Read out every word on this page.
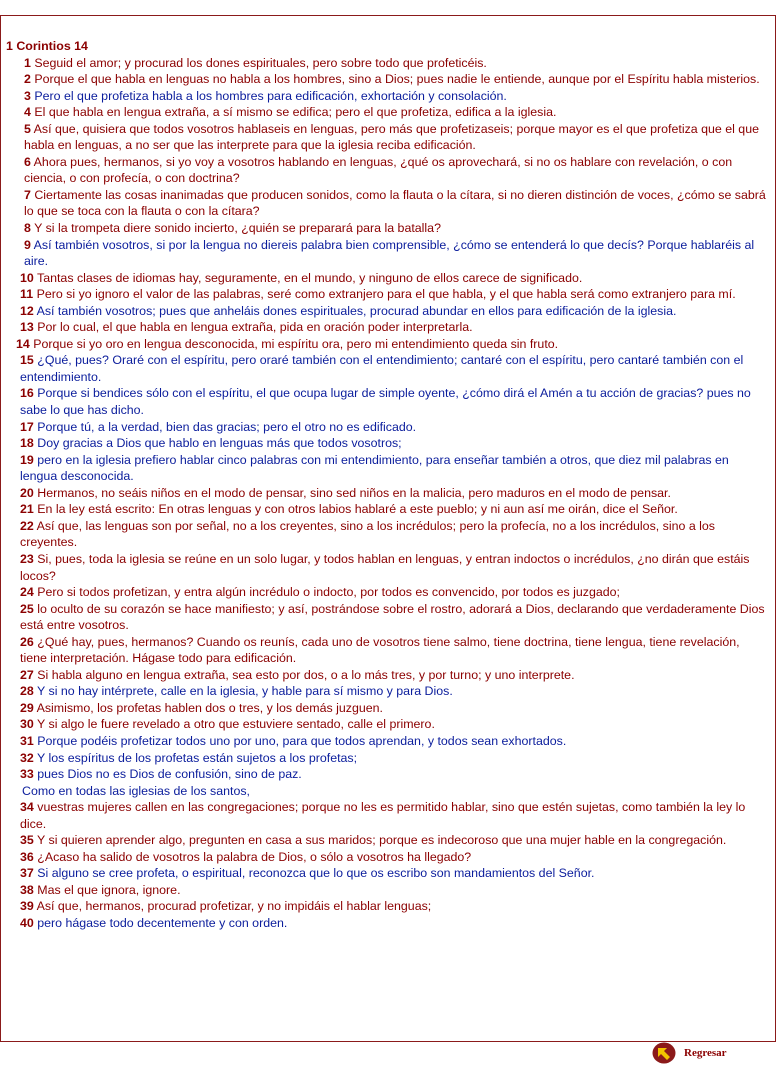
1 Corintios 14
1 Seguid el amor; y procurad los dones espirituales, pero sobre todo que profeticéis.
2 Porque el que habla en lenguas no habla a los hombres, sino a Dios; pues nadie le entiende, aunque por el Espíritu habla misterios.
3 Pero el que profetiza habla a los hombres para edificación, exhortación y consolación.
4 El que habla en lengua extraña, a sí mismo se edifica; pero el que profetiza, edifica a la iglesia.
5 Así que, quisiera que todos vosotros hablaseis en lenguas, pero más que profetizaseis; porque mayor es el que profetiza que el que habla en lenguas, a no ser que las interprete para que la iglesia reciba edificación.
6 Ahora pues, hermanos, si yo voy a vosotros hablando en lenguas, ¿qué os aprovechará, si no os hablare con revelación, o con ciencia, o con profecía, o con doctrina?
7 Ciertamente las cosas inanimadas que producen sonidos, como la flauta o la cítara, si no dieren distinción de voces, ¿cómo se sabrá lo que se toca con la flauta o con la cítara?
8 Y si la trompeta diere sonido incierto, ¿quién se preparará para la batalla?
9 Así también vosotros, si por la lengua no diereis palabra bien comprensible, ¿cómo se entenderá lo que decís? Porque hablaréis al aire.
10 Tantas clases de idiomas hay, seguramente, en el mundo, y ninguno de ellos carece de significado.
11 Pero si yo ignoro el valor de las palabras, seré como extranjero para el que habla, y el que habla será como extranjero para mí.
12 Así también vosotros; pues que anheláis dones espirituales, procurad abundar en ellos para edificación de la iglesia.
13 Por lo cual, el que habla en lengua extraña, pida en oración poder interpretarla.
14 Porque si yo oro en lengua desconocida, mi espíritu ora, pero mi entendimiento queda sin fruto.
15 ¿Qué, pues? Oraré con el espíritu, pero oraré también con el entendimiento; cantaré con el espíritu, pero cantaré también con el entendimiento.
16 Porque si bendices sólo con el espíritu, el que ocupa lugar de simple oyente, ¿cómo dirá el Amén a tu acción de gracias? pues no sabe lo que has dicho.
17 Porque tú, a la verdad, bien das gracias; pero el otro no es edificado.
18 Doy gracias a Dios que hablo en lenguas más que todos vosotros;
19 pero en la iglesia prefiero hablar cinco palabras con mi entendimiento, para enseñar también a otros, que diez mil palabras en lengua desconocida.
20 Hermanos, no seáis niños en el modo de pensar, sino sed niños en la malicia, pero maduros en el modo de pensar.
21 En la ley está escrito: En otras lenguas y con otros labios hablaré a este pueblo; y ni aun así me oirán, dice el Señor.
22 Así que, las lenguas son por señal, no a los creyentes, sino a los incrédulos; pero la profecía, no a los incrédulos, sino a los creyentes.
23 Si, pues, toda la iglesia se reúne en un solo lugar, y todos hablan en lenguas, y entran indoctos o incrédulos, ¿no dirán que estáis locos?
24 Pero si todos profetizan, y entra algún incrédulo o indocto, por todos es convencido, por todos es juzgado;
25 lo oculto de su corazón se hace manifiesto; y así, postrándose sobre el rostro, adorará a Dios, declarando que verdaderamente Dios está entre vosotros.
26 ¿Qué hay, pues, hermanos? Cuando os reunís, cada uno de vosotros tiene salmo, tiene doctrina, tiene lengua, tiene revelación, tiene interpretación. Hágase todo para edificación.
27 Si habla alguno en lengua extraña, sea esto por dos, o a lo más tres, y por turno; y uno interprete.
28 Y si no hay intérprete, calle en la iglesia, y hable para sí mismo y para Dios.
29 Asimismo, los profetas hablen dos o tres, y los demás juzguen.
30 Y si algo le fuere revelado a otro que estuviere sentado, calle el primero.
31 Porque podéis profetizar todos uno por uno, para que todos aprendan, y todos sean exhortados.
32 Y los espíritus de los profetas están sujetos a los profetas;
33 pues Dios no es Dios de confusión, sino de paz.
Como en todas las iglesias de los santos,
34 vuestras mujeres callen en las congregaciones; porque no les es permitido hablar, sino que estén sujetas, como también la ley lo dice.
35 Y si quieren aprender algo, pregunten en casa a sus maridos; porque es indecoroso que una mujer hable en la congregación.
36 ¿Acaso ha salido de vosotros la palabra de Dios, o sólo a vosotros ha llegado?
37 Si alguno se cree profeta, o espiritual, reconozca que lo que os escribo son mandamientos del Señor.
38 Mas el que ignora, ignore.
39 Así que, hermanos, procurad profetizar, y no impidáis el hablar lenguas;
40 pero hágase todo decentemente y con orden.
Regresar
